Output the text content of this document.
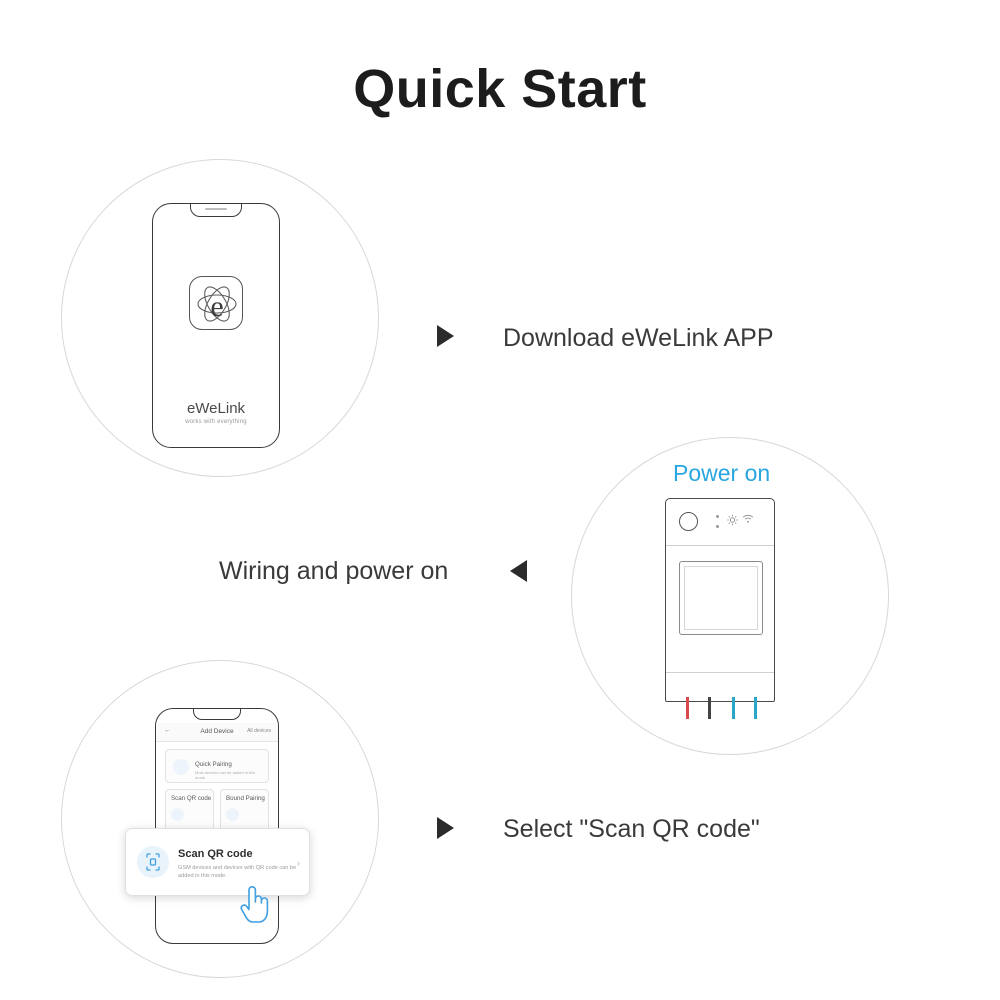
Quick Start
e
eWeLink
works with everything
Download eWeLink APP
Power on
Wiring and power on
←	Add Device	All devices
Quick Pairing
Most devices can be added in this mode.
Scan QR code Bound Pairing
Scan QR code
GSM devices and devices with QR code can be added in this mode.
›
Select "Scan QR code"
